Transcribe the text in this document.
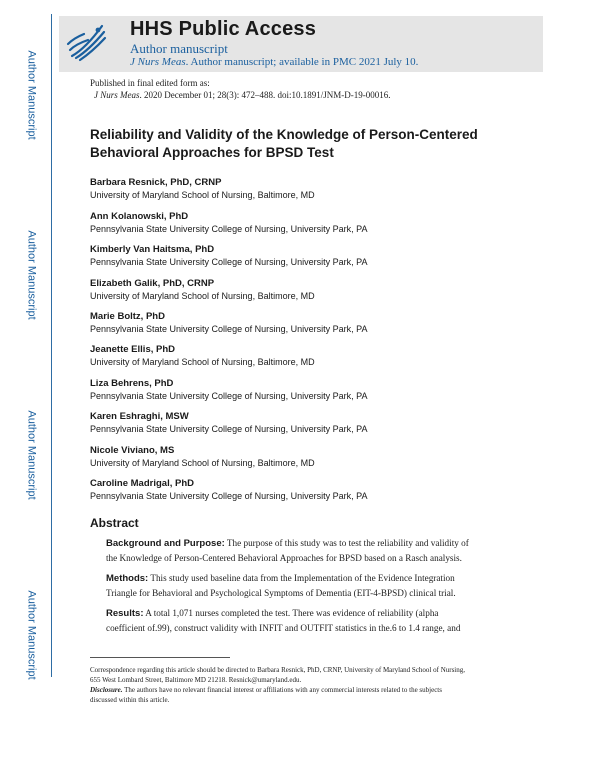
Author Manuscript
Author Manuscript
Author Manuscript
Author Manuscript
HHS Public Access
Author manuscript
J Nurs Meas. Author manuscript; available in PMC 2021 July 10.
Published in final edited form as:
J Nurs Meas. 2020 December 01; 28(3): 472–488. doi:10.1891/JNM-D-19-00016.
Reliability and Validity of the Knowledge of Person-Centered
Behavioral Approaches for BPSD Test
Barbara Resnick, PhD, CRNP
University of Maryland School of Nursing, Baltimore, MD
Ann Kolanowski, PhD
Pennsylvania State University College of Nursing, University Park, PA
Kimberly Van Haitsma, PhD
Pennsylvania State University College of Nursing, University Park, PA
Elizabeth Galik, PhD, CRNP
University of Maryland School of Nursing, Baltimore, MD
Marie Boltz, PhD
Pennsylvania State University College of Nursing, University Park, PA
Jeanette Ellis, PhD
University of Maryland School of Nursing, Baltimore, MD
Liza Behrens, PhD
Pennsylvania State University College of Nursing, University Park, PA
Karen Eshraghi, MSW
Pennsylvania State University College of Nursing, University Park, PA
Nicole Viviano, MS
University of Maryland School of Nursing, Baltimore, MD
Caroline Madrigal, PhD
Pennsylvania State University College of Nursing, University Park, PA
Abstract
Background and Purpose: The purpose of this study was to test the reliability and validity of
the Knowledge of Person-Centered Behavioral Approaches for BPSD based on a Rasch analysis.
Methods: This study used baseline data from the Implementation of the Evidence Integration
Triangle for Behavioral and Psychological Symptoms of Dementia (EIT-4-BPSD) clinical trial.
Results: A total 1,071 nurses completed the test. There was evidence of reliability (alpha
coefficient of.99), construct validity with INFIT and OUTFIT statistics in the.6 to 1.4 range, and
Correspondence regarding this article should be directed to Barbara Resnick, PhD, CRNP, University of Maryland School of Nursing,
655 West Lombard Street, Baltimore MD 21218. Resnick@umaryland.edu.
Disclosure. The authors have no relevant financial interest or affiliations with any commercial interests related to the subjects
discussed within this article.
